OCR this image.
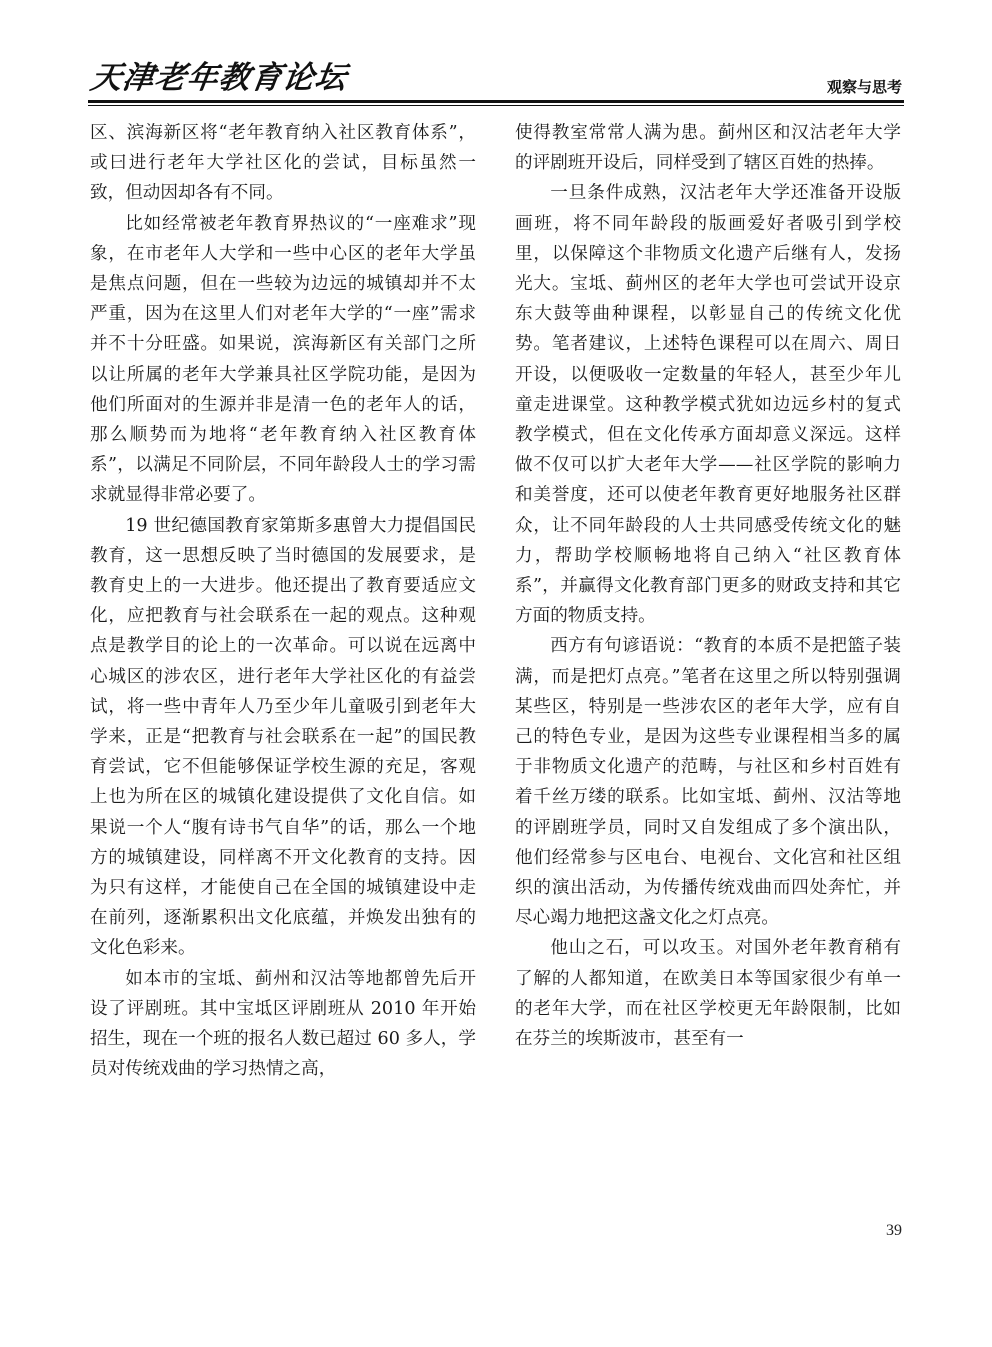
天津老年教育论坛	观察与思考

区、滨海新区将“老年教育纳入社区教育体系”，或曰进行老年大学社区化的尝试，目标虽然一致，但动因却各有不同。

比如经常被老年教育界热议的“一座难求”现象，在市老年人大学和一些中心区的老年大学虽是焦点问题，但在一些较为边远的城镇却并不太严重，因为在这里人们对老年大学的“一座”需求并不十分旺盛。如果说，滨海新区有关部门之所以让所属的老年大学兼具社区学院功能，是因为他们所面对的生源并非是清一色的老年人的话，那么顺势而为地将“老年教育纳入社区教育体系”，以满足不同阶层，不同年龄段人士的学习需求就显得非常必要了。

19 世纪德国教育家第斯多惠曾大力提倡国民教育，这一思想反映了当时德国的发展要求，是教育史上的一大进步。他还提出了教育要适应文化，应把教育与社会联系在一起的观点。这种观点是教学目的论上的一次革命。可以说在远离中心城区的涉农区，进行老年大学社区化的有益尝试，将一些中青年人乃至少年儿童吸引到老年大学来，正是“把教育与社会联系在一起”的国民教育尝试，它不但能够保证学校生源的充足，客观上也为所在区的城镇化建设提供了文化自信。如果说一个人“腹有诗书气自华”的话，那么一个地方的城镇建设，同样离不开文化教育的支持。因为只有这样，才能使自己在全国的城镇建设中走在前列，逐渐累积出文化底蕴，并焕发出独有的文化色彩来。

如本市的宝坻、蓟州和汉沽等地都曾先后开设了评剧班。其中宝坻区评剧班从 2010 年开始招生，现在一个班的报名人数已超过 60 多人，学员对传统戏曲的学习热情之高，

使得教室常常人满为患。蓟州区和汉沽老年大学的评剧班开设后，同样受到了辖区百姓的热捧。

一旦条件成熟，汉沽老年大学还准备开设版画班，将不同年龄段的版画爱好者吸引到学校里，以保障这个非物质文化遗产后继有人，发扬光大。宝坻、蓟州区的老年大学也可尝试开设京东大鼓等曲种课程，以彰显自己的传统文化优势。笔者建议，上述特色课程可以在周六、周日开设，以便吸收一定数量的年轻人，甚至少年儿童走进课堂。这种教学模式犹如边远乡村的复式教学模式，但在文化传承方面却意义深远。这样做不仅可以扩大老年大学——社区学院的影响力和美誉度，还可以使老年教育更好地服务社区群众，让不同年龄段的人士共同感受传统文化的魅力，帮助学校顺畅地将自己纳入“社区教育体系”，并赢得文化教育部门更多的财政支持和其它方面的物质支持。

西方有句谚语说：“教育的本质不是把篮子装满，而是把灯点亮。”笔者在这里之所以特别强调某些区，特别是一些涉农区的老年大学，应有自己的特色专业，是因为这些专业课程相当多的属于非物质文化遗产的范畴，与社区和乡村百姓有着千丝万缕的联系。比如宝坻、蓟州、汉沽等地的评剧班学员，同时又自发组成了多个演出队，他们经常参与区电台、电视台、文化宫和社区组织的演出活动，为传播传统戏曲而四处奔忙，并尽心竭力地把这盏文化之灯点亮。

他山之石，可以攻玉。对国外老年教育稍有了解的人都知道，在欧美日本等国家很少有单一的老年大学，而在社区学校更无年龄限制，比如在芬兰的埃斯波市，甚至有一

39
